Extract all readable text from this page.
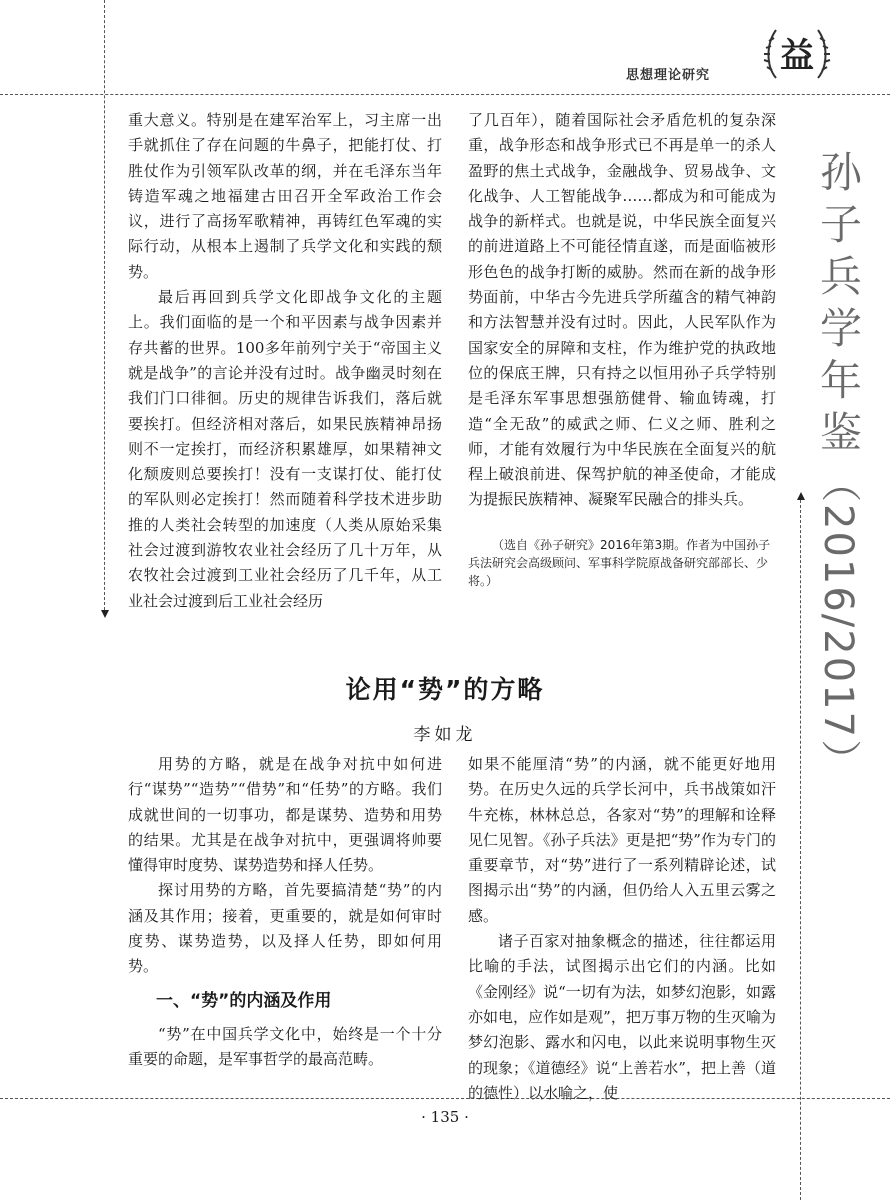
思想理论研究 益
孙子兵学年鉴（2016/2017）

重大意义。特别是在建军治军上，习主席一出手就抓住了存在问题的牛鼻子，把能打仗、打胜仗作为引领军队改革的纲，并在毛泽东当年铸造军魂之地福建古田召开全军政治工作会议，进行了高扬军歌精神，再铸红色军魂的实际行动，从根本上遏制了兵学文化和实践的颓势。

最后再回到兵学文化即战争文化的主题上。我们面临的是一个和平因素与战争因素并存共蓄的世界。100多年前列宁关于“帝国主义就是战争”的言论并没有过时。战争幽灵时刻在我们门口徘徊。历史的规律告诉我们，落后就要挨打。但经济相对落后，如果民族精神昂扬则不一定挨打，而经济积累雄厚，如果精神文化颓废则总要挨打！没有一支谋打仗、能打仗的军队则必定挨打！然而随着科学技术进步助推的人类社会转型的加速度（人类从原始采集社会过渡到游牧农业社会经历了几十万年，从农牧社会过渡到工业社会经历了几千年，从工业社会过渡到后工业社会经历

了几百年），随着国际社会矛盾危机的复杂深重，战争形态和战争形式已不再是单一的杀人盈野的焦土式战争，金融战争、贸易战争、文化战争、人工智能战争……都成为和可能成为战争的新样式。也就是说，中华民族全面复兴的前进道路上不可能径情直遂，而是面临被形形色色的战争打断的威胁。然而在新的战争形势面前，中华古今先进兵学所蕴含的精气神韵和方法智慧并没有过时。因此，人民军队作为国家安全的屏障和支柱，作为维护党的执政地位的保底王牌，只有持之以恒用孙子兵学特别是毛泽东军事思想强筋健骨、输血铸魂，打造“全无敌”的威武之师、仁义之师、胜利之师，才能有效履行为中华民族在全面复兴的航程上破浪前进、保驾护航的神圣使命，才能成为提振民族精神、凝聚军民融合的排头兵。

（选自《孙子研究》2016年第3期。作者为中国孙子兵法研究会高级顾问、军事科学院原战备研究部部长、少将。）
论用“势”的方略
李如龙

用势的方略，就是在战争对抗中如何进行“谋势”“造势”“借势”和“任势”的方略。我们成就世间的一切事功，都是谋势、造势和用势的结果。尤其是在战争对抗中，更强调将帅要懂得审时度势、谋势造势和择人任势。

探讨用势的方略，首先要搞清楚“势”的内涵及其作用；接着，更重要的，就是如何审时度势、谋势造势，以及择人任势，即如何用势。

一、“势”的内涵及作用

“势”在中国兵学文化中，始终是一个十分重要的命题，是军事哲学的最高范畴。

如果不能厘清“势”的内涵，就不能更好地用势。在历史久远的兵学长河中，兵书战策如汗牛充栋，林林总总，各家对“势”的理解和诠释见仁见智。《孙子兵法》更是把“势”作为专门的重要章节，对“势”进行了一系列精辟论述，试图揭示出“势”的内涵，但仍给人入五里云雾之感。

诸子百家对抽象概念的描述，往往都运用比喻的手法，试图揭示出它们的内涵。比如《金刚经》说“一切有为法，如梦幻泡影，如露亦如电，应作如是观”，把万事万物的生灭喻为梦幻泡影、露水和闪电，以此来说明事物生灭的现象；《道德经》说“上善若水”，把上善（道的德性）以水喻之，使

· 135 ·
